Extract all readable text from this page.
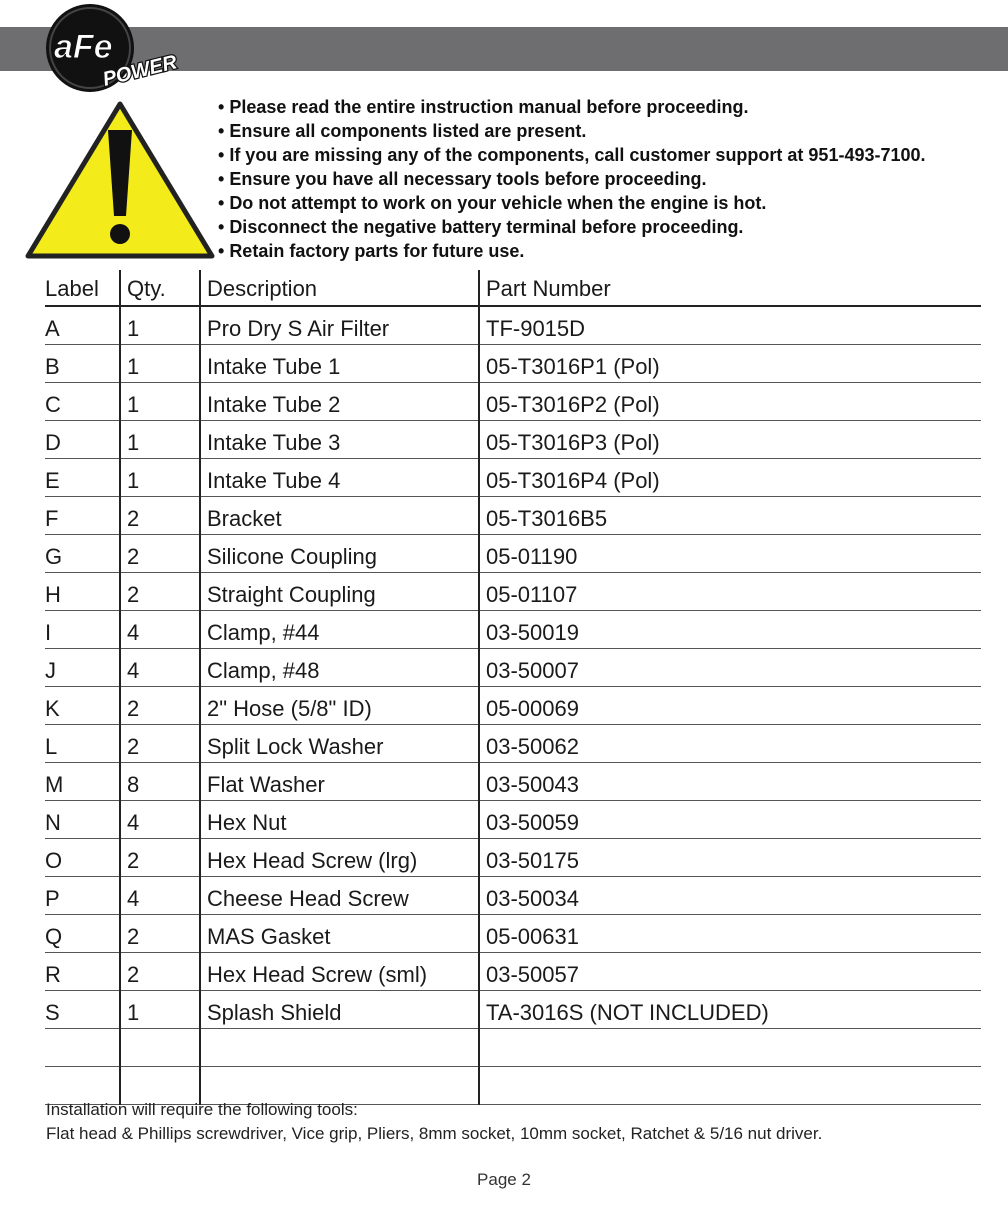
aFe
POWER
• Please read the entire instruction manual before proceeding.
• Ensure all components listed are present.
• If you are missing any of the components, call customer support at 951-493-7100.
• Ensure you have all necessary tools before proceeding.
• Do not attempt to work on your vehicle when the engine is hot.
• Disconnect the negative battery terminal before proceeding.
• Retain factory parts for future use.
Label	Qty.	Description	Part Number
A	1	Pro Dry S Air Filter	TF-9015D
B	1	Intake Tube 1	05-T3016P1 (Pol)
C	1	Intake Tube 2	05-T3016P2 (Pol)
D	1	Intake Tube 3	05-T3016P3 (Pol)
E	1	Intake Tube 4	05-T3016P4 (Pol)
F	2	Bracket	05-T3016B5
G	2	Silicone Coupling	05-01190
H	2	Straight Coupling	05-01107
I	4	Clamp, #44	03-50019
J	4	Clamp, #48	03-50007
K	2	2" Hose (5/8" ID)	05-00069
L	2	Split Lock Washer	03-50062
M	8	Flat Washer	03-50043
N	4	Hex Nut	03-50059
O	2	Hex Head Screw (lrg)	03-50175
P	4	Cheese Head Screw	03-50034
Q	2	MAS Gasket	05-00631
R	2	Hex Head Screw (sml)	03-50057
S	1	Splash Shield	TA-3016S (NOT INCLUDED)

Installation will require the following tools:
Flat head & Phillips screwdriver, Vice grip, Pliers, 8mm socket, 10mm socket, Ratchet & 5/16 nut driver.
Page 2
